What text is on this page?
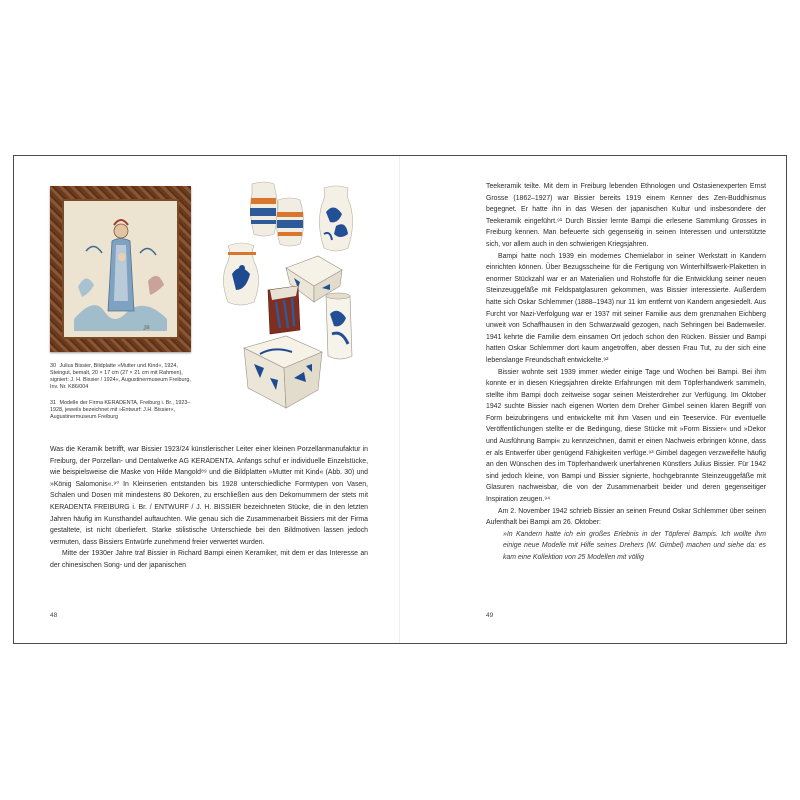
JB
30 Julius Bissier, Bildplatte »Mutter und Kind«, 1924, Steingut, bemalt, 20 × 17 cm (27 × 21 cm mit Rahmen), signiert: J. H. Bissier / 1924«, Augustinermuseum Freiburg, Inv. Nr. K86/004
31 Modelle der Firma KERADENTA, Freiburg i. Br., 1923–1928, jeweils bezeichnet mit »Entwurf: J.H. Bissier«, Augustinermuseum Freiburg

Was die Keramik betrifft, war Bissier 1923/24 künstlerischer Leiter einer kleinen Porzellanmanufaktur in Freiburg, der Porzellan- und Dentalwerke AG KERADENTA. Anfangs schuf er individuelle Einzelstücke, wie beispielsweise die Maske von Hilde Mangold⁸⁹ und die Bildplatten »Mutter mit Kind« (Abb. 30) und »König Salomonis«.⁹⁰ In Kleinserien entstanden bis 1928 unterschiedliche Formtypen von Vasen, Schalen und Dosen mit mindestens 80 Dekoren, zu erschließen aus den Dekornummern der stets mit KERADENTA FREIBURG i. Br. / ENTWURF / J. H. BISSIER bezeichneten Stücke, die in den letzten Jahren häufig im Kunsthandel auftauchten. Wie genau sich die Zusammenarbeit Bissiers mit der Firma gestaltete, ist nicht überliefert. Starke stilistische Unterschiede bei den Bildmotiven lassen jedoch vermuten, dass Bissiers Entwürfe zunehmend freier verwertet wurden.

Mitte der 1930er Jahre traf Bissier in Richard Bampi einen Keramiker, mit dem er das Interesse an der chinesischen Song- und der japanischen

48

Teekeramik teilte. Mit dem in Freiburg lebenden Ethnologen und Ostasienexperten Ernst Grosse (1862–1927) war Bissier bereits 1919 einem Kenner des Zen-Buddhismus begegnet. Er hatte ihn in das Wesen der japanischen Kultur und insbesondere der Teekeramik eingeführt.⁹¹ Durch Bissier lernte Bampi die erlesene Sammlung Grosses in Freiburg kennen. Man befeuerte sich gegenseitig in seinen Interessen und unterstützte sich, vor allem auch in den schwierigen Kriegsjahren.

Bampi hatte noch 1939 ein modernes Chemielabor in seiner Werkstatt in Kandern einrichten können. Über Bezugsscheine für die Fertigung von Winterhilfswerk-Plaketten in enormer Stückzahl war er an Materialien und Rohstoffe für die Entwicklung seiner neuen Steinzeuggefäße mit Feldspatglasuren gekommen, was Bissier interessierte. Außerdem hatte sich Oskar Schlemmer (1888–1943) nur 11 km entfernt von Kandern angesiedelt. Aus Furcht vor Nazi-Verfolgung war er 1937 mit seiner Familie aus dem grenznahen Eichberg unweit von Schaffhausen in den Schwarzwald gezogen, nach Sehringen bei Badenweiler. 1941 kehrte die Familie dem einsamen Ort jedoch schon den Rücken. Bissier und Bampi hatten Oskar Schlemmer dort kaum angetroffen, aber dessen Frau Tut, zu der sich eine lebenslange Freundschaft entwickelte.⁹²

Bissier wohnte seit 1939 immer wieder einige Tage und Wochen bei Bampi. Bei ihm konnte er in diesen Kriegsjahren direkte Erfahrungen mit dem Töpferhandwerk sammeln, stellte ihm Bampi doch zeitweise sogar seinen Meisterdreher zur Verfügung. Im Oktober 1942 suchte Bissier nach eigenen Worten dem Dreher Gimbel seinen klaren Begriff von Form beizubringens und entwickelte mit ihm Vasen und ein Teeservice. Für eventuelle Veröffentlichungen stellte er die Bedingung, diese Stücke mit »Form Bissier« und »Dekor und Ausführung Bampi« zu kennzeichnen, damit er einen Nachweis erbringen könne, dass er als Entwerfer über genügend Fähigkeiten verfüge.⁹³ Gimbel dagegen verzweifelte häufig an den Wünschen des im Töpferhandwerk unerfahrenen Künstlers Julius Bissier. Für 1942 sind jedoch kleine, von Bampi und Bissier signierte, hochgebrannte Steinzeuggefäße mit Glasuren nachweisbar, die von der Zusammenarbeit beider und deren gegenseitiger Inspiration zeugen.⁹⁴

Am 2. November 1942 schrieb Bissier an seinen Freund Oskar Schlemmer über seinen Aufenthalt bei Bampi am 26. Oktober:

»In Kandern hatte ich ein großes Erlebnis in der Töpferei Bampis. Ich wollte ihm einige neue Modelle mit Hilfe seines Drehers (W. Gimbel) machen und siehe da: es kam eine Kollektion von 25 Modellen mit völlig

49
